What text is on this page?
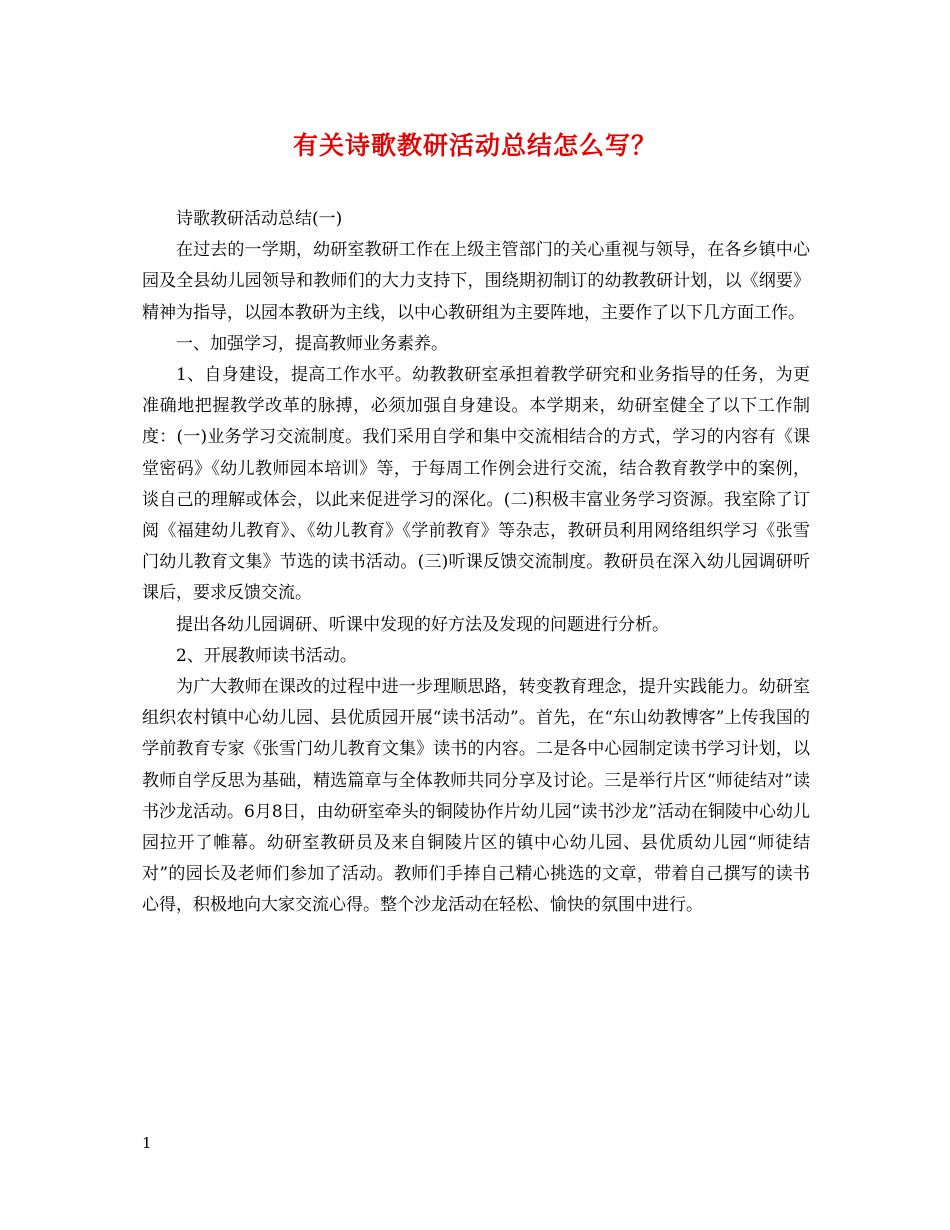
有关诗歌教研活动总结怎么写？

诗歌教研活动总结(一)

在过去的一学期，幼研室教研工作在上级主管部门的关心重视与领导，在各乡镇中心园及全县幼儿园领导和教师们的大力支持下，围绕期初制订的幼教教研计划，以《纲要》精神为指导，以园本教研为主线，以中心教研组为主要阵地，主要作了以下几方面工作。

一、加强学习，提高教师业务素养。

1、自身建设，提高工作水平。幼教教研室承担着教学研究和业务指导的任务，为更准确地把握教学改革的脉搏，必须加强自身建设。本学期来，幼研室健全了以下工作制度：(一)业务学习交流制度。我们采用自学和集中交流相结合的方式，学习的内容有《课堂密码》《幼儿教师园本培训》等，于每周工作例会进行交流，结合教育教学中的案例，谈自己的理解或体会，以此来促进学习的深化。(二)积极丰富业务学习资源。我室除了订阅《福建幼儿教育》、《幼儿教育》《学前教育》等杂志，教研员利用网络组织学习《张雪门幼儿教育文集》节选的读书活动。(三)听课反馈交流制度。教研员在深入幼儿园调研听课后，要求反馈交流。

提出各幼儿园调研、听课中发现的好方法及发现的问题进行分析。

2、开展教师读书活动。

为广大教师在课改的过程中进一步理顺思路，转变教育理念，提升实践能力。幼研室组织农村镇中心幼儿园、县优质园开展“读书活动”。首先，在“东山幼教博客”上传我国的学前教育专家《张雪门幼儿教育文集》读书的内容。二是各中心园制定读书学习计划，以教师自学反思为基础，精选篇章与全体教师共同分享及讨论。三是举行片区“师徒结对”读书沙龙活动。6月8日，由幼研室牵头的铜陵协作片幼儿园“读书沙龙”活动在铜陵中心幼儿园拉开了帷幕。幼研室教研员及来自铜陵片区的镇中心幼儿园、县优质幼儿园“师徒结对”的园长及老师们参加了活动。教师们手捧自己精心挑选的文章，带着自己撰写的读书心得，积极地向大家交流心得。整个沙龙活动在轻松、愉快的氛围中进行。

1
